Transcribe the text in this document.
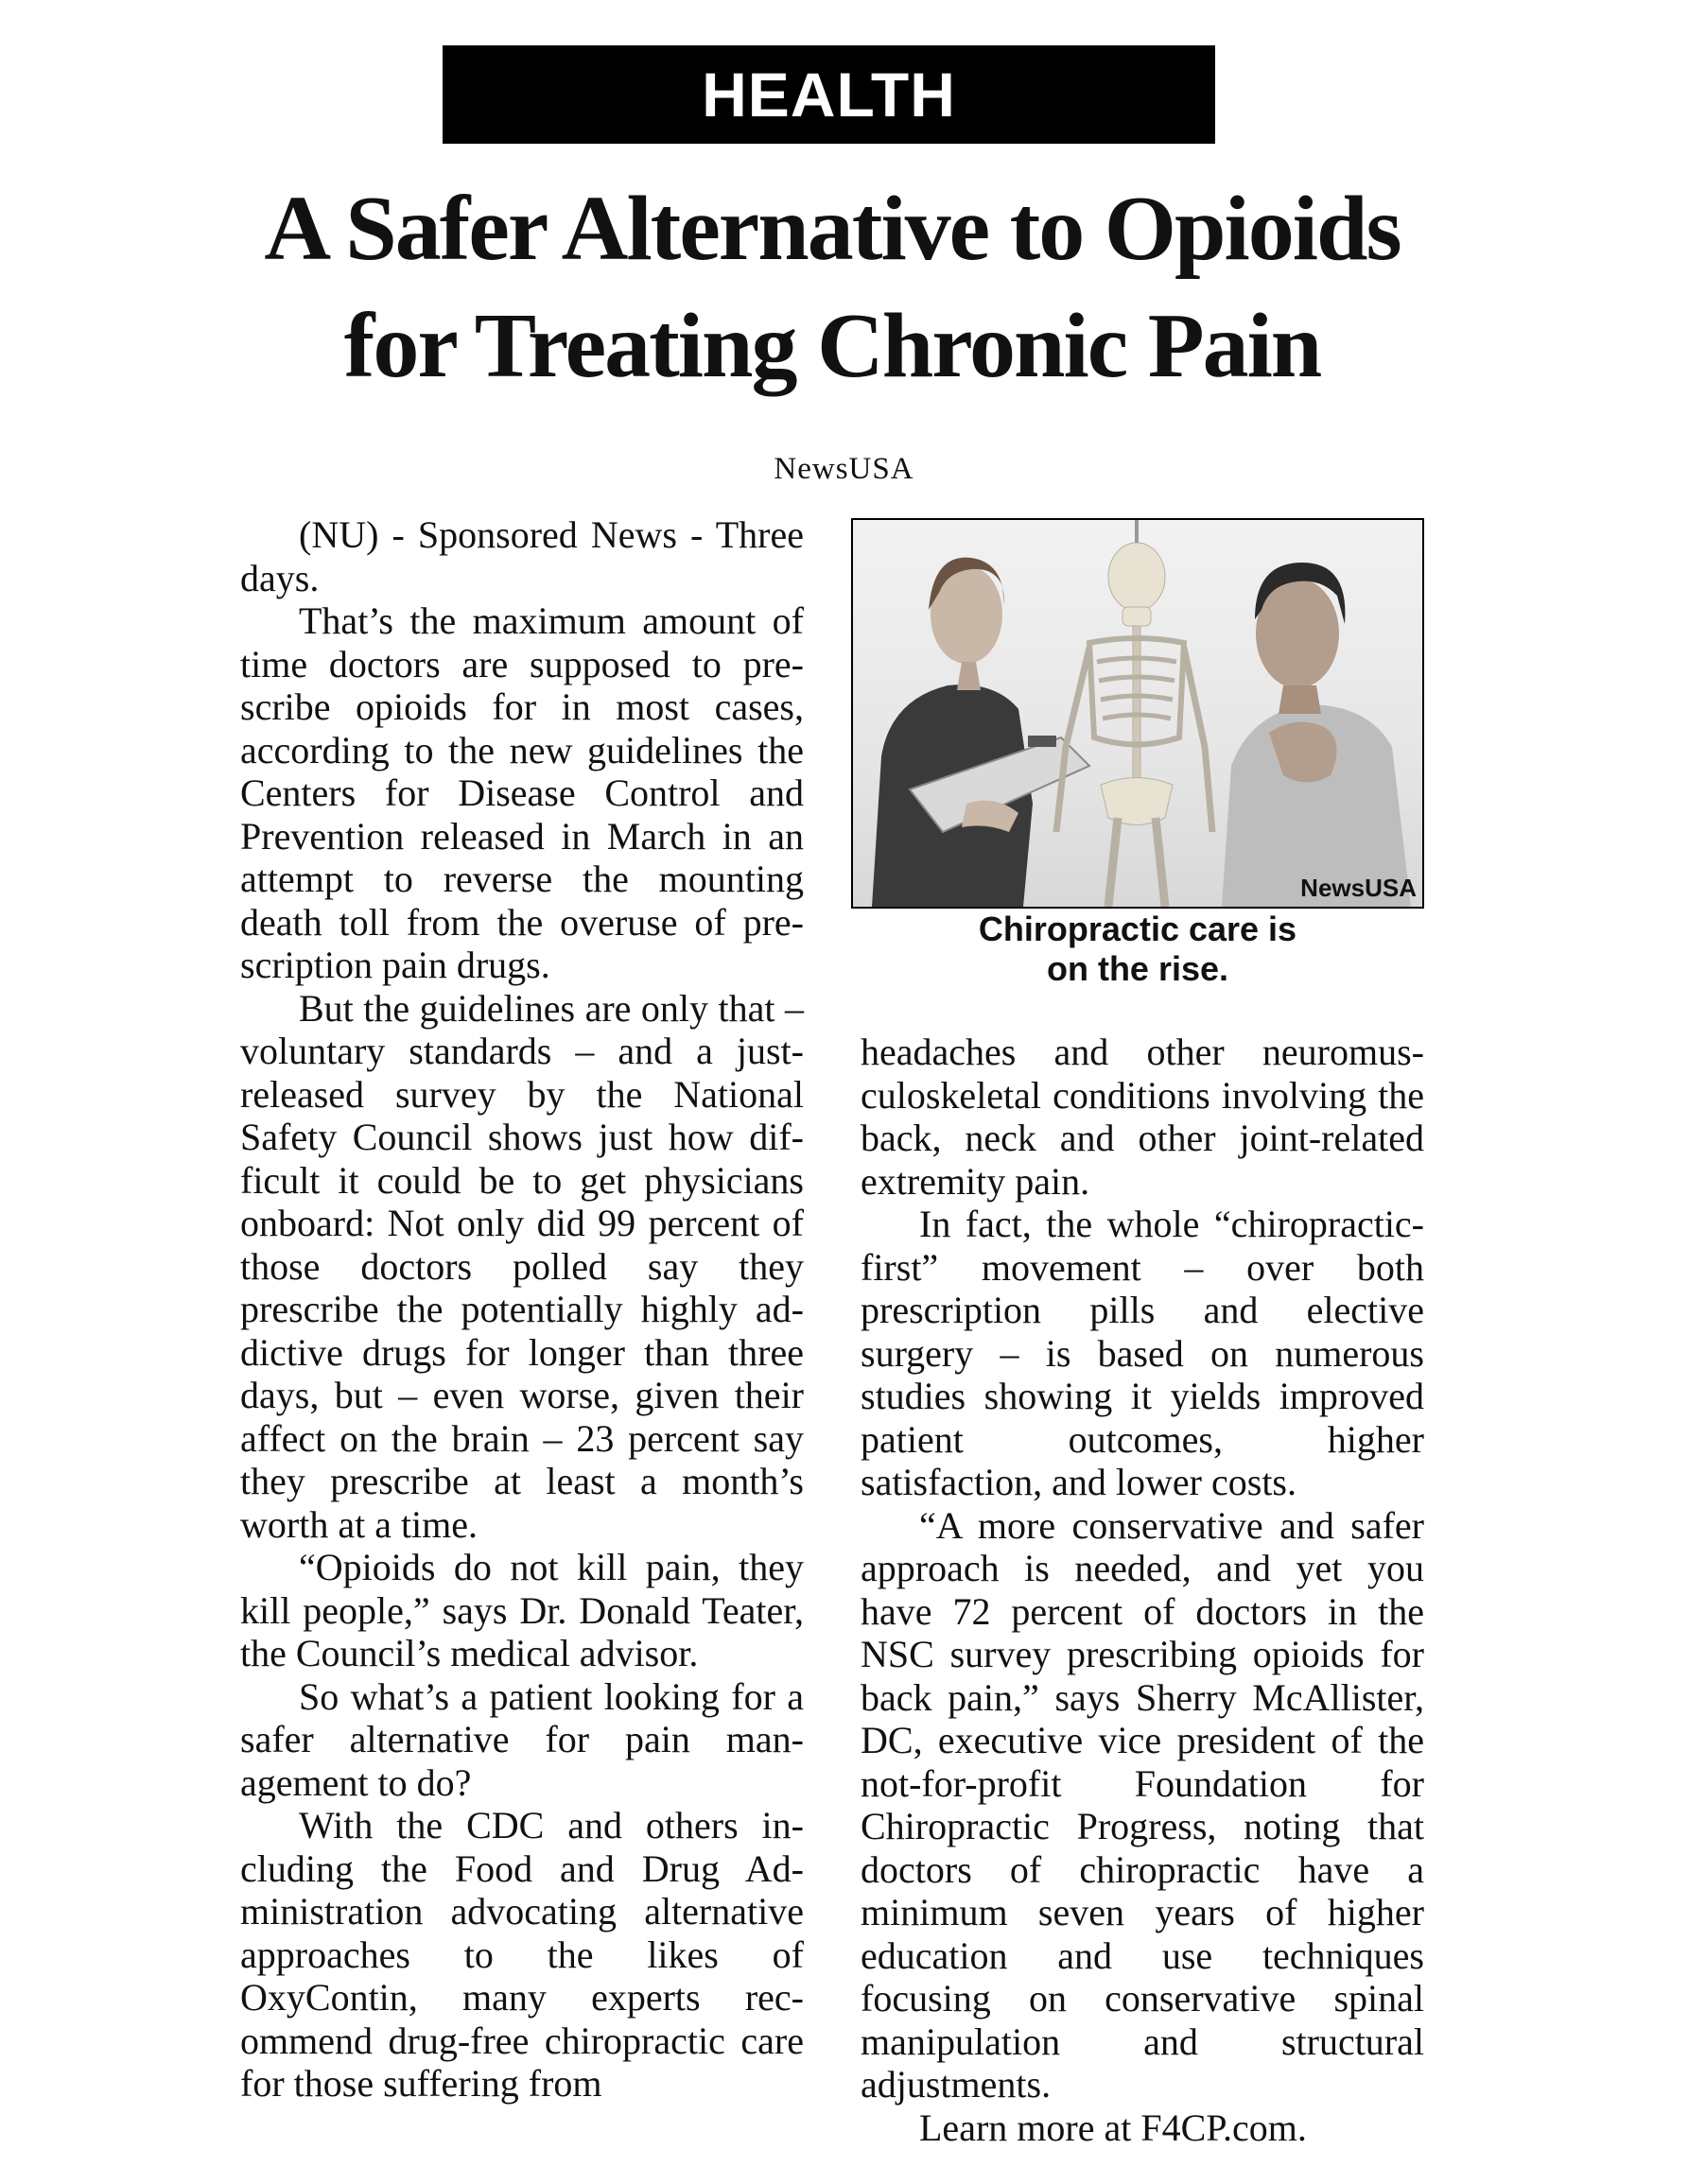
HEALTH
A Safer Alternative to Opioids
for Treating Chronic Pain
NewsUSA

(NU) - Sponsored News - Three days.

That’s the maximum amount of time doctors are supposed to prescribe opioids for in most cases, according to the new guidelines the Centers for Disease Control and Prevention released in March in an attempt to reverse the mounting death toll from the overuse of prescription pain drugs.

But the guidelines are only that – voluntary standards – and a just-released survey by the National Safety Council shows just how difficult it could be to get physicians onboard: Not only did 99 percent of those doctors polled say they prescribe the potentially highly addictive drugs for longer than three days, but – even worse, given their affect on the brain – 23 percent say they prescribe at least a month’s worth at a time.

“Opioids do not kill pain, they kill people,” says Dr. Donald Teater, the Council’s medical advisor.

So what’s a patient looking for a safer alternative for pain management to do?

With the CDC and others including the Food and Drug Administration advocating alternative approaches to the likes of OxyContin, many experts recommend drug-free chiropractic care for those suffering from

NewsUSA
Chiropractic care is
on the rise.

headaches and other neuromusculoskeletal conditions involving the back, neck and other joint-related extremity pain.

In fact, the whole “chiropractic-first” movement – over both prescription pills and elective surgery – is based on numerous studies showing it yields improved patient outcomes, higher satisfaction, and lower costs.

“A more conservative and safer approach is needed, and yet you have 72 percent of doctors in the NSC survey prescribing opioids for back pain,” says Sherry McAllister, DC, executive vice president of the not-for-profit Foundation for Chiropractic Progress, noting that doctors of chiropractic have a minimum seven years of higher education and use techniques focusing on conservative spinal manipulation and structural adjustments.

Learn more at F4CP.com.
